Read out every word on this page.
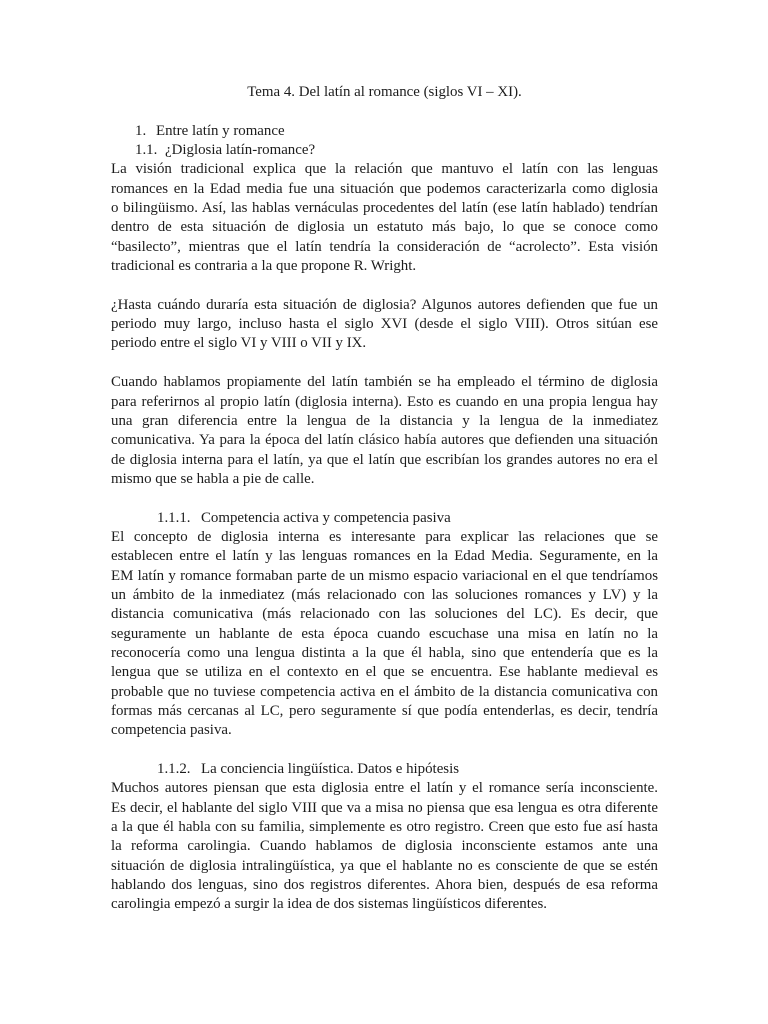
Tema 4. Del latín al romance (siglos VI – XI).
1. Entre latín y romance
1.1. ¿Diglosia latín-romance?
La visión tradicional explica que la relación que mantuvo el latín con las lenguas
romances en la Edad media fue una situación que podemos caracterizarla como diglosia
o bilingüismo. Así, las hablas vernáculas procedentes del latín (ese latín hablado) tendrían
dentro de esta situación de diglosia un estatuto más bajo, lo que se conoce como
“basilecto”, mientras que el latín tendría la consideración de “acrolecto”. Esta visión
tradicional es contraria a la que propone R. Wright.
¿Hasta cuándo duraría esta situación de diglosia? Algunos autores defienden que fue un
periodo muy largo, incluso hasta el siglo XVI (desde el siglo VIII). Otros sitúan ese
periodo entre el siglo VI y VIII o VII y IX.
Cuando hablamos propiamente del latín también se ha empleado el término de diglosia
para referirnos al propio latín (diglosia interna). Esto es cuando en una propia lengua hay
una gran diferencia entre la lengua de la distancia y la lengua de la inmediatez
comunicativa. Ya para la época del latín clásico había autores que defienden una situación
de diglosia interna para el latín, ya que el latín que escribían los grandes autores no era el
mismo que se habla a pie de calle.
1.1.1. Competencia activa y competencia pasiva
El concepto de diglosia interna es interesante para explicar las relaciones que se
establecen entre el latín y las lenguas romances en la Edad Media. Seguramente, en la
EM latín y romance formaban parte de un mismo espacio variacional en el que tendríamos
un ámbito de la inmediatez (más relacionado con las soluciones romances y LV) y la
distancia comunicativa (más relacionado con las soluciones del LC). Es decir, que
seguramente un hablante de esta época cuando escuchase una misa en latín no la
reconocería como una lengua distinta a la que él habla, sino que entendería que es la
lengua que se utiliza en el contexto en el que se encuentra. Ese hablante medieval es
probable que no tuviese competencia activa en el ámbito de la distancia comunicativa con
formas más cercanas al LC, pero seguramente sí que podía entenderlas, es decir, tendría
competencia pasiva.
1.1.2. La conciencia lingüística. Datos e hipótesis
Muchos autores piensan que esta diglosia entre el latín y el romance sería inconsciente.
Es decir, el hablante del siglo VIII que va a misa no piensa que esa lengua es otra diferente
a la que él habla con su familia, simplemente es otro registro. Creen que esto fue así hasta
la reforma carolingia. Cuando hablamos de diglosia inconsciente estamos ante una
situación de diglosia intralingüística, ya que el hablante no es consciente de que se estén
hablando dos lenguas, sino dos registros diferentes. Ahora bien, después de esa reforma
carolingia empezó a surgir la idea de dos sistemas lingüísticos diferentes.
